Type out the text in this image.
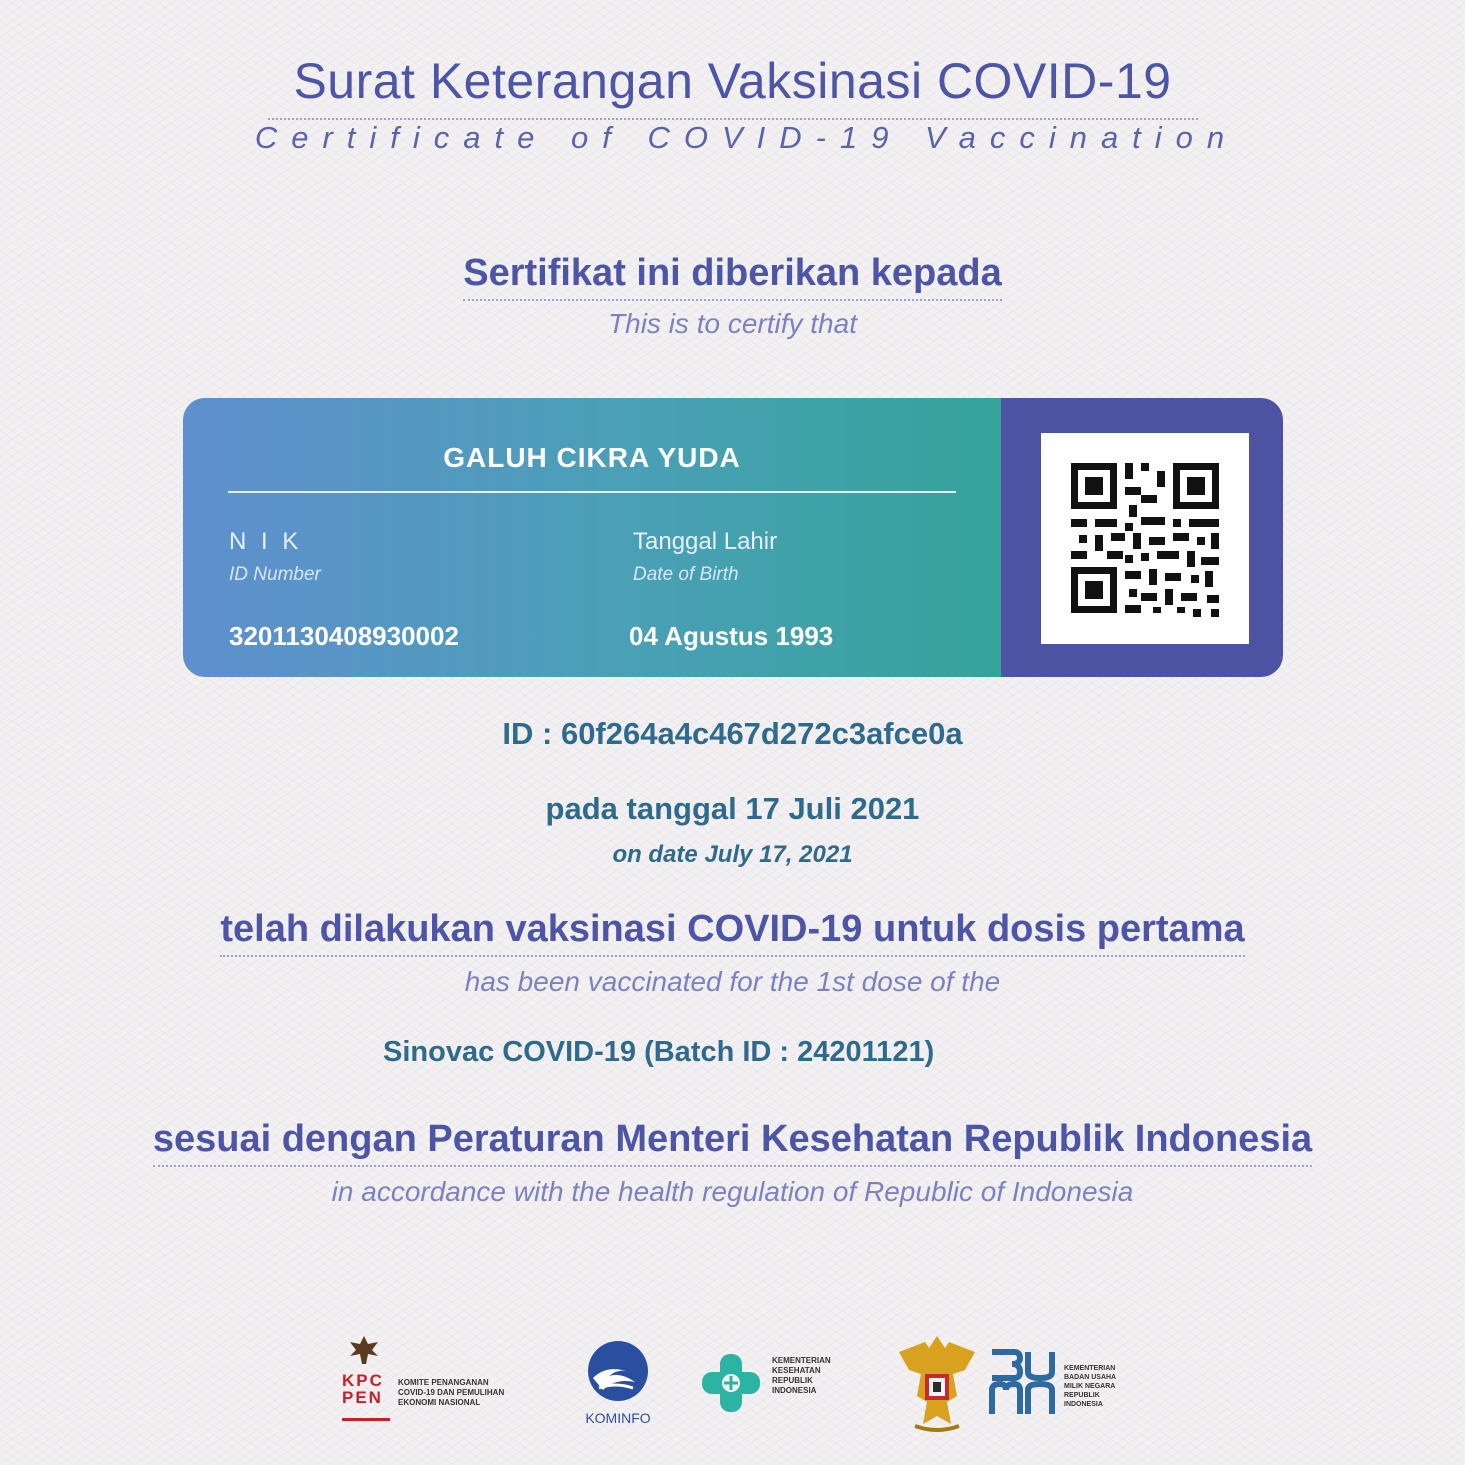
Surat Keterangan Vaksinasi COVID-19
Certificate of COVID-19 Vaccination
Sertifikat ini diberikan kepada
This is to certify that
GALUH CIKRA YUDA
N I K
ID Number
3201130408930002
Tanggal Lahir
Date of Birth
04 Agustus 1993
ID : 60f264a4c467d272c3afce0a
pada tanggal 17 Juli 2021
on date July 17, 2021
telah dilakukan vaksinasi COVID-19 untuk dosis pertama
has been vaccinated for the 1st dose of the
Sinovac COVID-19 (Batch ID : 24201121)
sesuai dengan Peraturan Menteri Kesehatan Republik Indonesia
in accordance with the health regulation of Republic of Indonesia
KPC PEN
KOMITE PENANGANAN
COVID-19 DAN PEMULIHAN
EKONOMI NASIONAL
KOMINFO
KEMENTERIAN
KESEHATAN
REPUBLIK
INDONESIA
KEMENTERIAN
BADAN USAHA
MILIK NEGARA
REPUBLIK
INDONESIA
